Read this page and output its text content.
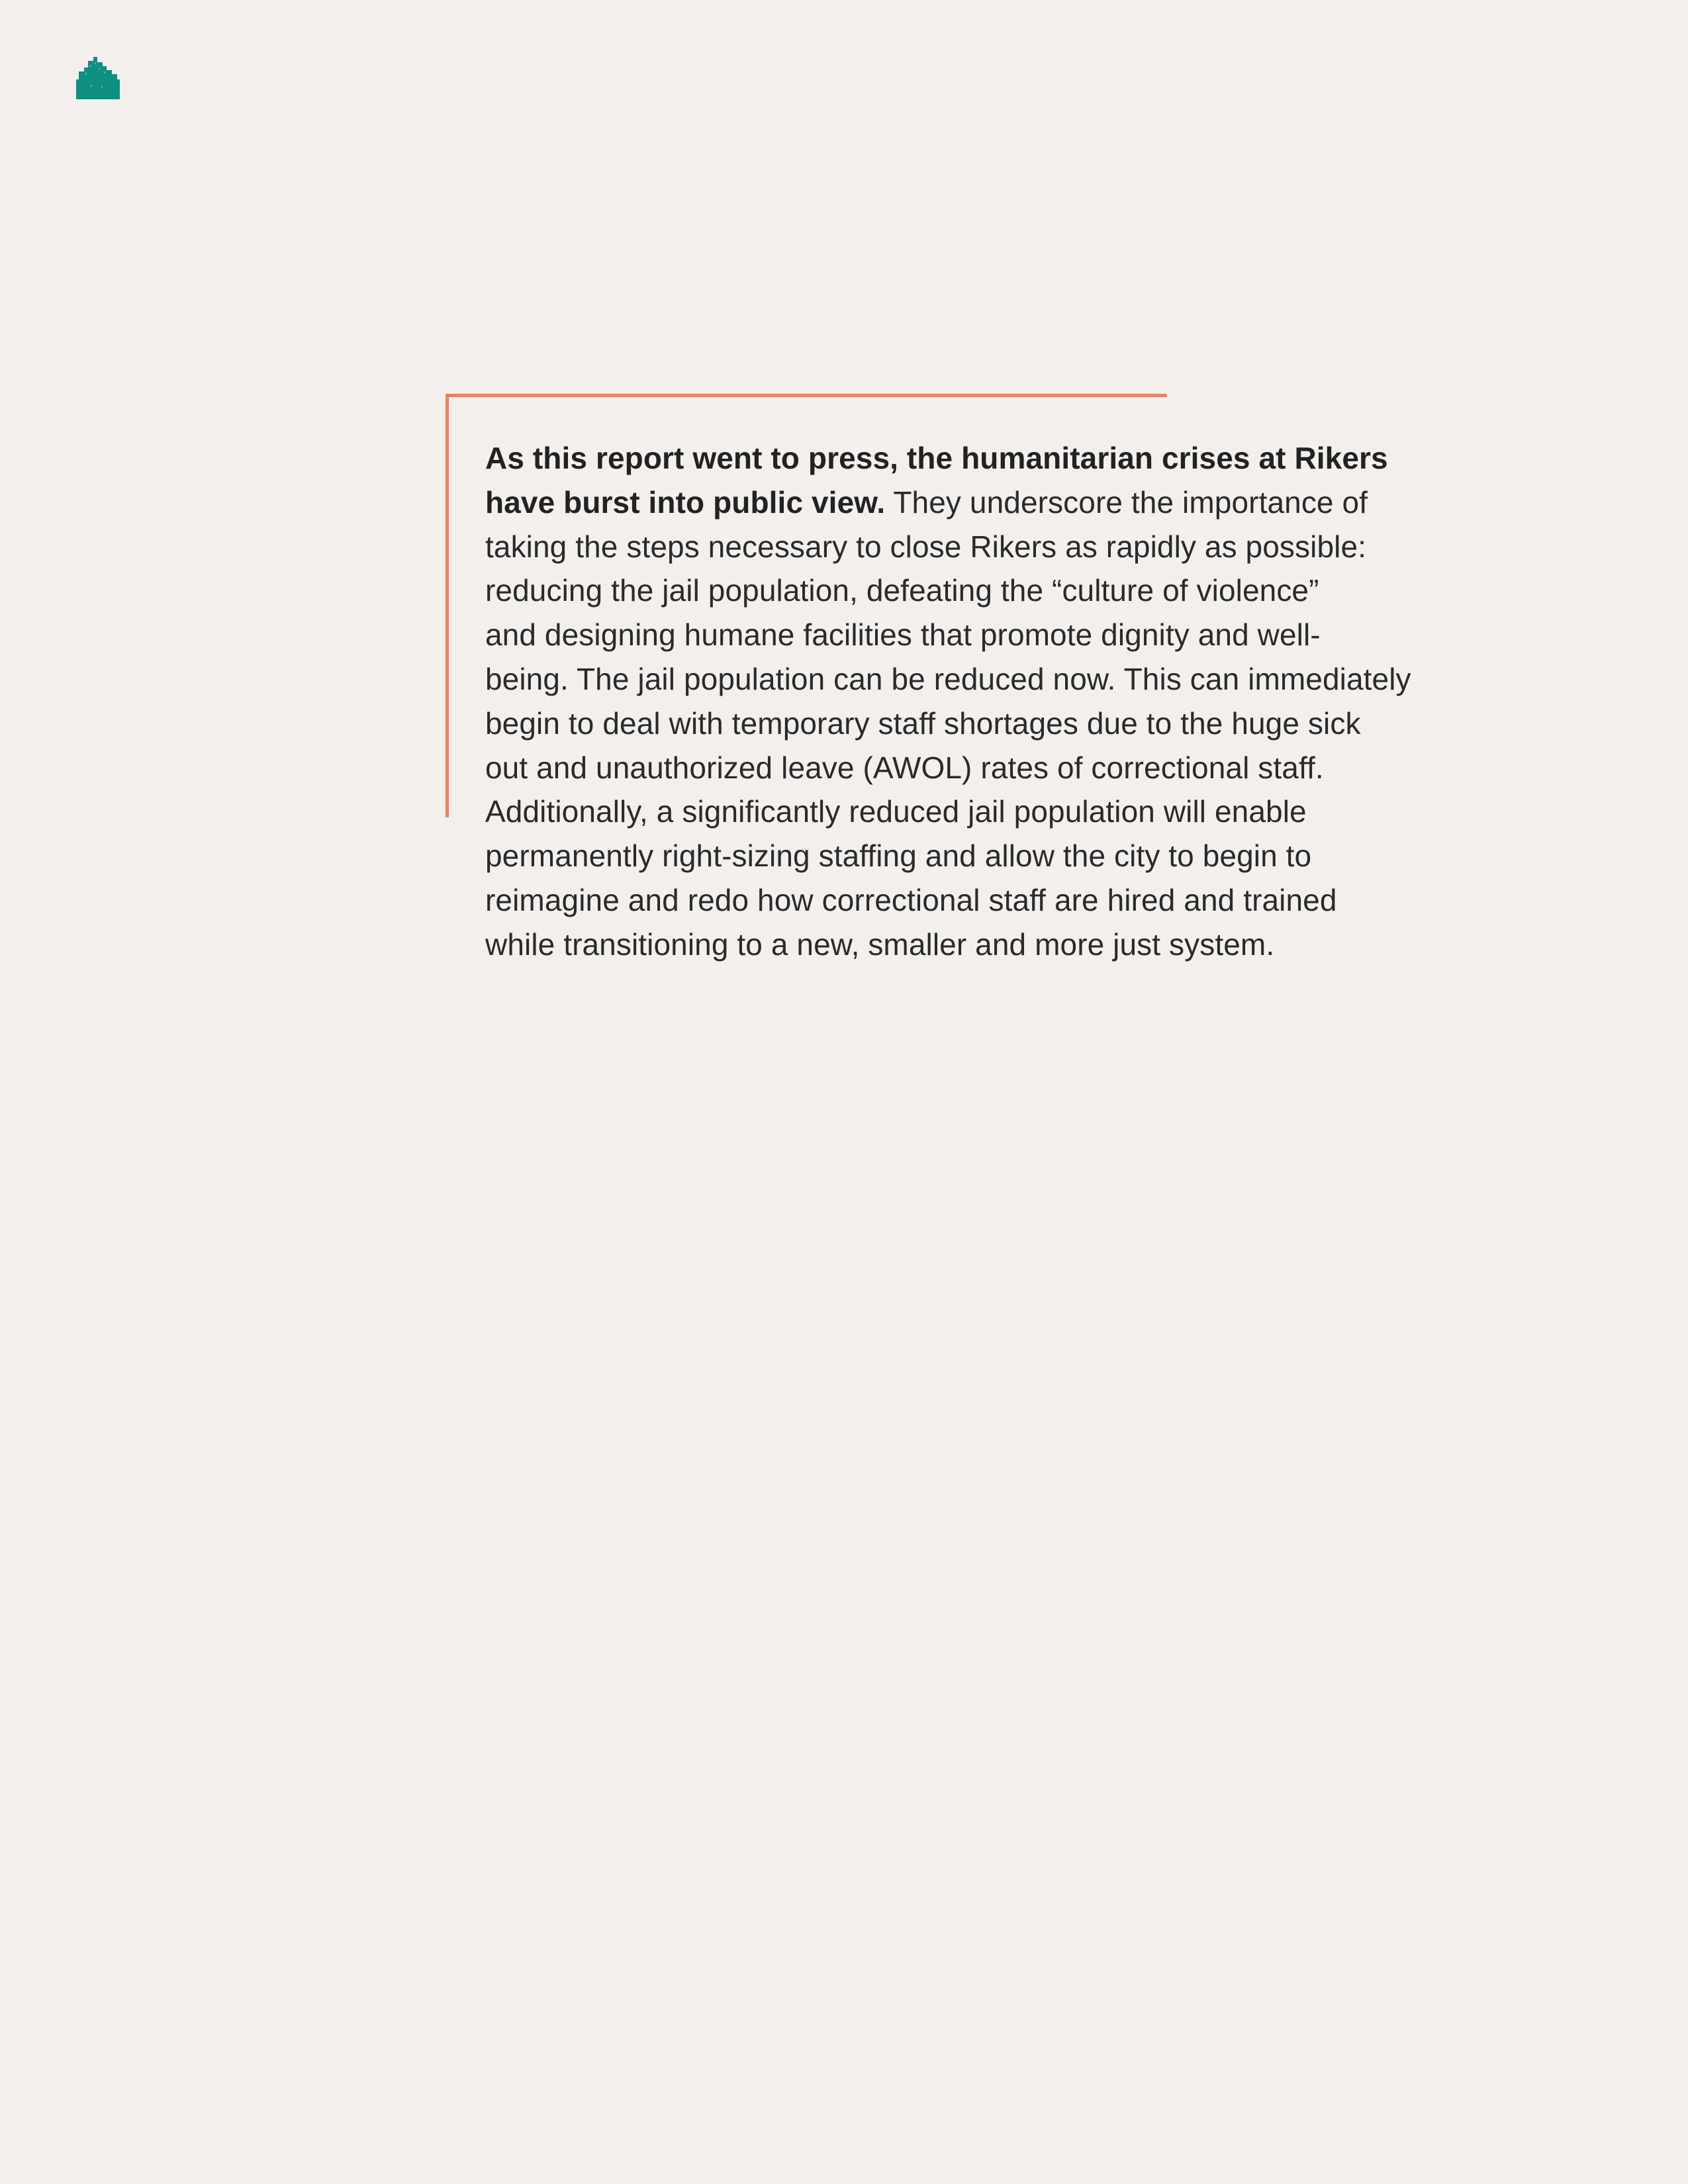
As this report went to press, the humanitarian crises at Rikers
have burst into public view. They underscore the importance of
taking the steps necessary to close Rikers as rapidly as possible:
reducing the jail population, defeating the “culture of violence”
and designing humane facilities that promote dignity and well-
being. The jail population can be reduced now. This can immediately
begin to deal with temporary staff shortages due to the huge sick
out and unauthorized leave (AWOL) rates of correctional staff.
Additionally, a significantly reduced jail population will enable
permanently right-sizing staffing and allow the city to begin to
reimagine and redo how correctional staff are hired and trained
while transitioning to a new, smaller and more just system.
